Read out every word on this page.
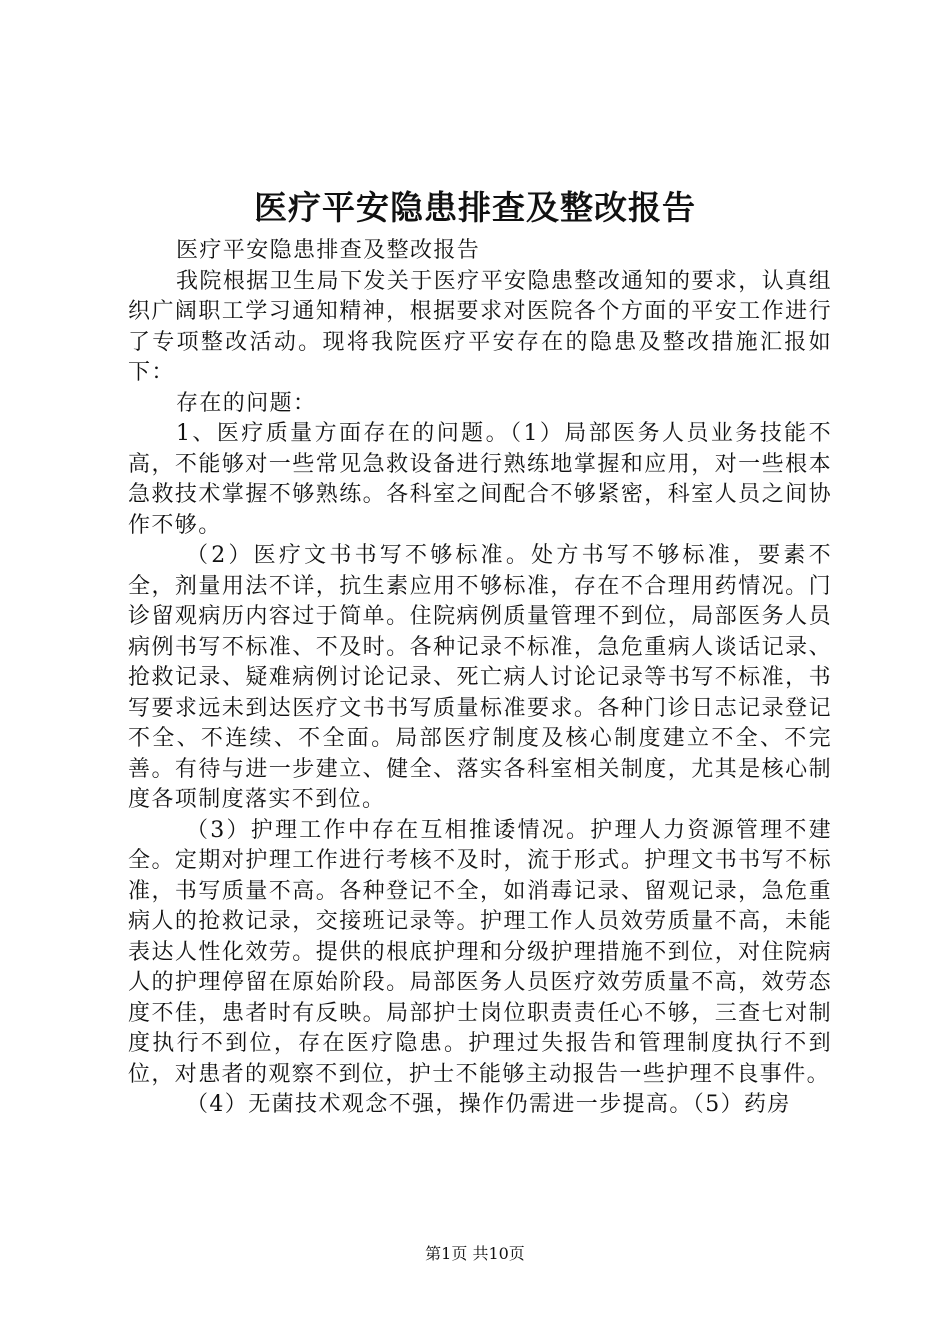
医疗平安隐患排查及整改报告

医疗平安隐患排查及整改报告

我院根据卫生局下发关于医疗平安隐患整改通知的要求，认真组织广阔职工学习通知精神，根据要求对医院各个方面的平安工作进行了专项整改活动。现将我院医疗平安存在的隐患及整改措施汇报如下：

存在的问题：

1、医疗质量方面存在的问题。（1）局部医务人员业务技能不高，不能够对一些常见急救设备进行熟练地掌握和应用，对一些根本急救技术掌握不够熟练。各科室之间配合不够紧密，科室人员之间协作不够。

（2）医疗文书书写不够标准。处方书写不够标准，要素不全，剂量用法不详，抗生素应用不够标准，存在不合理用药情况。门诊留观病历内容过于简单。住院病例质量管理不到位，局部医务人员病例书写不标准、不及时。各种记录不标准，急危重病人谈话记录、抢救记录、疑难病例讨论记录、死亡病人讨论记录等书写不标准，书写要求远未到达医疗文书书写质量标准要求。各种门诊日志记录登记不全、不连续、不全面。局部医疗制度及核心制度建立不全、不完善。有待与进一步建立、健全、落实各科室相关制度，尤其是核心制度各项制度落实不到位。

（3）护理工作中存在互相推诿情况。护理人力资源管理不建全。定期对护理工作进行考核不及时，流于形式。护理文书书写不标准，书写质量不高。各种登记不全，如消毒记录、留观记录，急危重病人的抢救记录，交接班记录等。护理工作人员效劳质量不高，未能表达人性化效劳。提供的根底护理和分级护理措施不到位，对住院病人的护理停留在原始阶段。局部医务人员医疗效劳质量不高，效劳态度不佳，患者时有反映。局部护士岗位职责责任心不够，三查七对制度执行不到位，存在医疗隐患。护理过失报告和管理制度执行不到位，对患者的观察不到位，护士不能够主动报告一些护理不良事件。

（4）无菌技术观念不强，操作仍需进一步提高。（5）药房

第1页 共10页
